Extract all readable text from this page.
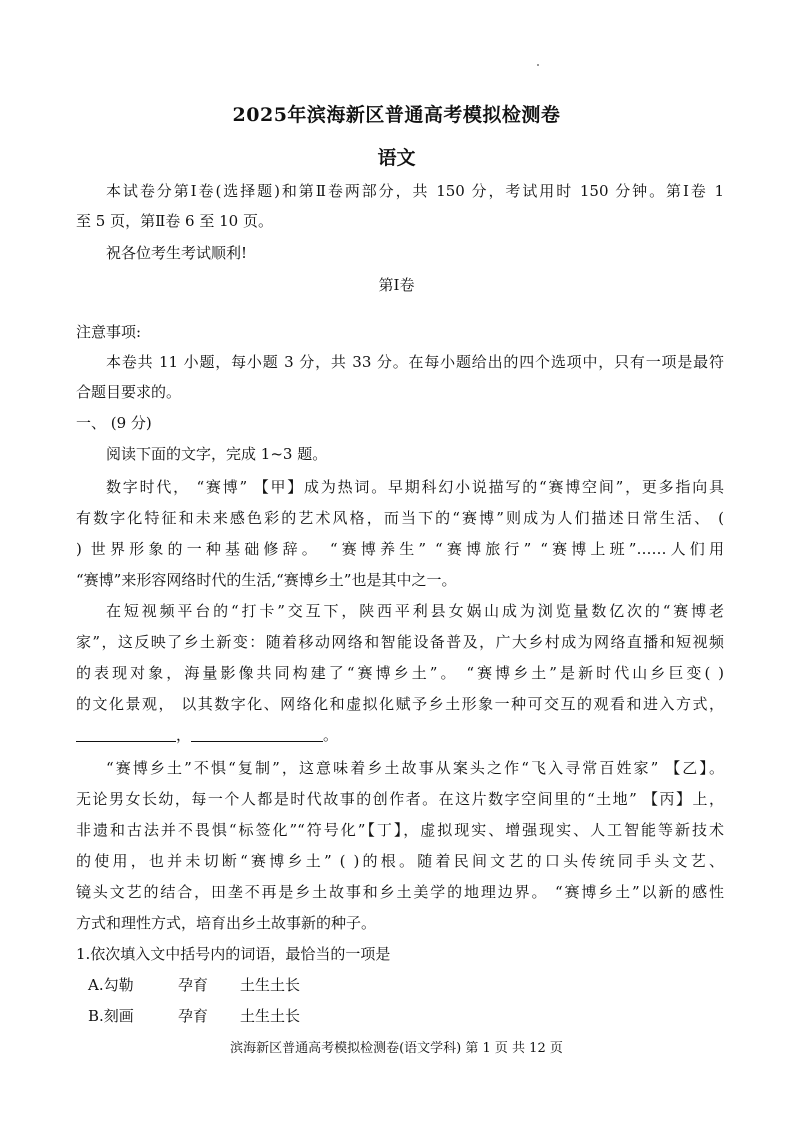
2025年滨海新区普通高考模拟检测卷
语文
本试卷分第Ⅰ卷(选择题)和第Ⅱ卷两部分，共 150 分，考试用时 150 分钟。第Ⅰ卷 1
至 5 页，第Ⅱ卷 6 至 10 页。
祝各位考生考试顺利!
第Ⅰ卷
注意事项:
本卷共 11 小题，每小题 3 分，共 33 分。在每小题给出的四个选项中，只有一项是最符
合题目要求的。
一、 (9 分)
阅读下面的文字，完成 1~3 题。
数字时代， “赛博” 【甲】成为热词。早期科幻小说描写的“赛博空间”，更多指向具
有数字化特征和未来感色彩的艺术风格，而当下的“赛博”则成为人们描述日常生活、 (
) 世界形象的一种基础修辞。 “赛博养生” “赛博旅行” “赛博上班”……人们用
“赛博”来形容网络时代的生活,“赛博乡土”也是其中之一。
在短视频平台的“打卡”交互下，陕西平利县女娲山成为浏览量数亿次的“赛博老
家”，这反映了乡土新变：随着移动网络和智能设备普及，广大乡村成为网络直播和短视频
的表现对象，海量影像共同构建了“赛博乡土”。 “赛博乡土”是新时代山乡巨变( )
的文化景观， 以其数字化、网络化和虚拟化赋予乡土形象一种可交互的观看和进入方式，
，	。
“赛博乡土”不惧“复制”，这意味着乡土故事从案头之作“飞入寻常百姓家” 【乙】。
无论男女长幼，每一个人都是时代故事的创作者。在这片数字空间里的“土地” 【丙】上，
非遗和古法并不畏惧“标签化”“符号化”【丁】，虚拟现实、增强现实、人工智能等新技术
的使用，也并未切断“赛博乡土” ( )的根。随着民间文艺的口头传统同手头文艺、
镜头文艺的结合，田垄不再是乡土故事和乡土美学的地理边界。 “赛博乡土”以新的感性
方式和理性方式，培育出乡土故事新的种子。
1.依次填入文中括号内的词语，最恰当的一项是
A.勾勒	孕育 土生土长
B.刻画	孕育 土生土长
滨海新区普通高考模拟检测卷(语文学科) 第 1 页 共 12 页
